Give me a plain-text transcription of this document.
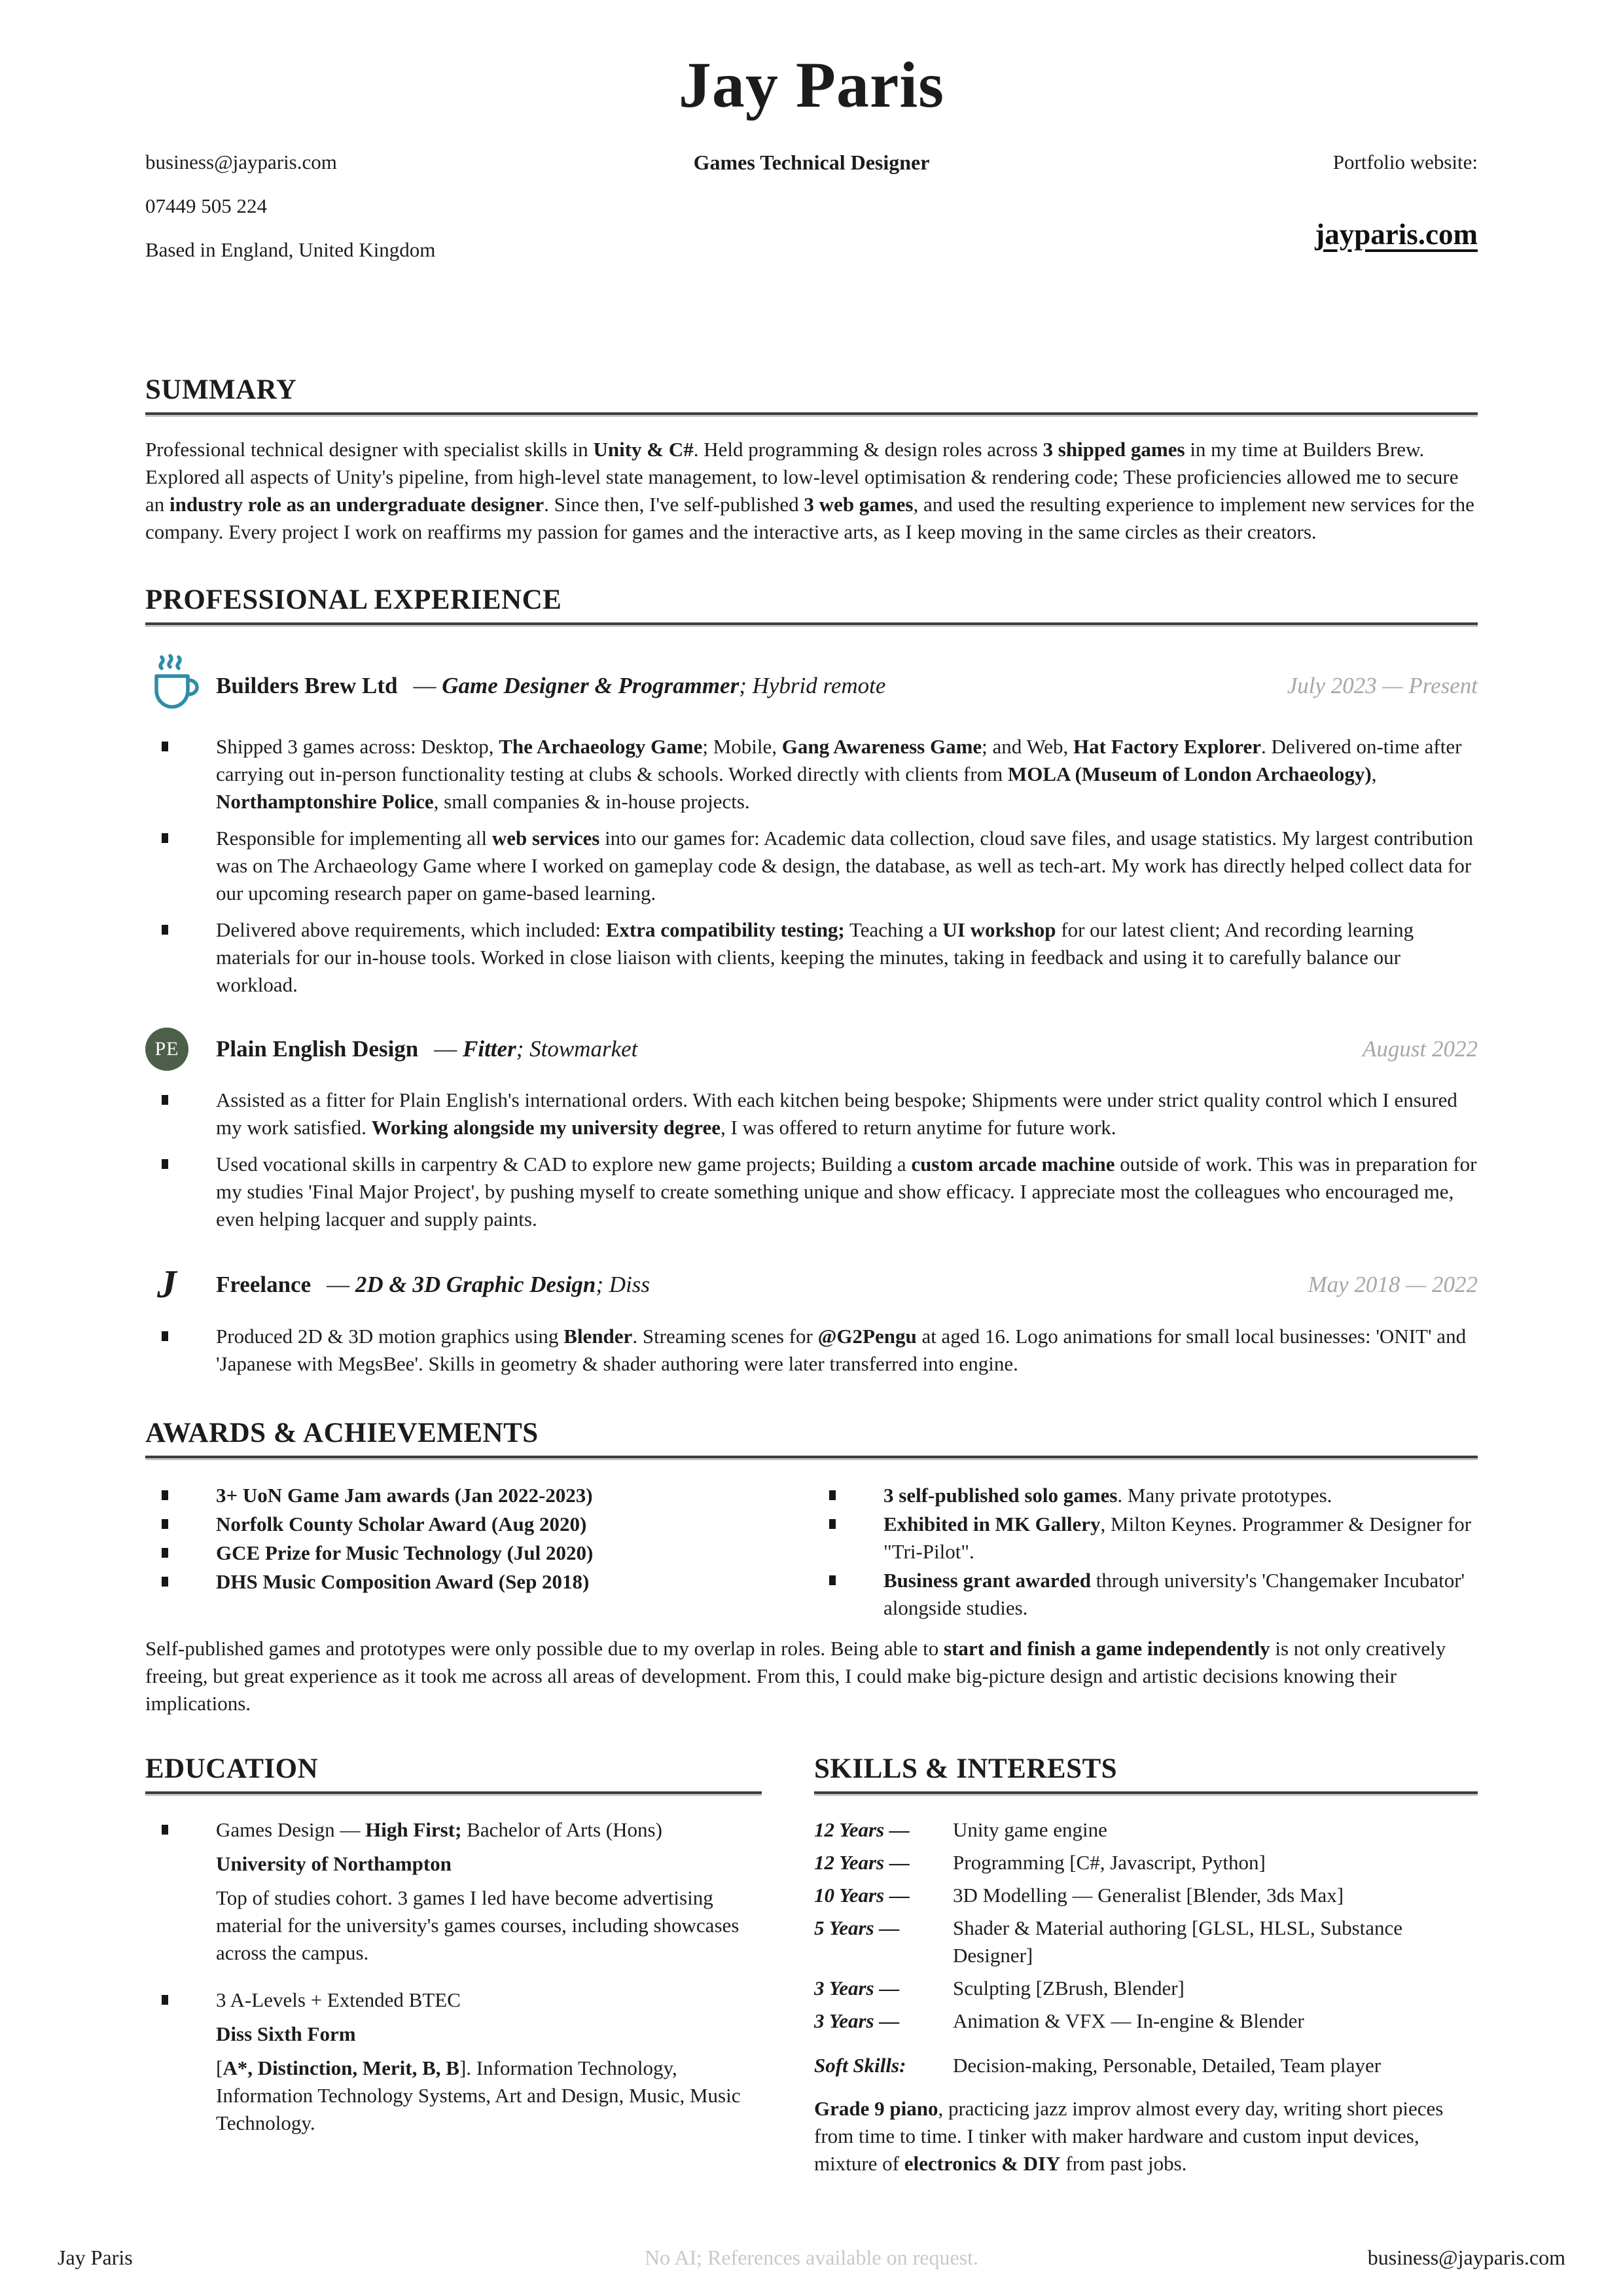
Jay Paris
business@jayparis.com
07449 505 224
Based in England, United Kingdom
Games Technical Designer	Portfolio website:
jayparis.com
SUMMARY

Professional technical designer with specialist skills in Unity & C#. Held programming & design roles across 3 shipped games in my time at Builders Brew. Explored all aspects of Unity's pipeline, from high-level state management, to low-level optimisation & rendering code; These proficiencies allowed me to secure an industry role as an undergraduate designer. Since then, I've self-published 3 web games, and used the resulting experience to implement new services for the company. Every project I work on reaffirms my passion for games and the interactive arts, as I keep moving in the same circles as their creators.

PROFESSIONAL EXPERIENCE
Builders Brew Ltd — Game Designer & Programmer; Hybrid remote	July 2023 — Present
Shipped 3 games across: Desktop, The Archaeology Game; Mobile, Gang Awareness Game; and Web, Hat Factory Explorer. Delivered on-time after carrying out in-person functionality testing at clubs & schools. Worked directly with clients from MOLA (Museum of London Archaeology), Northamptonshire Police, small companies & in-house projects.
Responsible for implementing all web services into our games for: Academic data collection, cloud save files, and usage statistics. My largest contribution was on The Archaeology Game where I worked on gameplay code & design, the database, as well as tech-art. My work has directly helped collect data for our upcoming research paper on game-based learning.
Delivered above requirements, which included: Extra compatibility testing; Teaching a UI workshop for our latest client; And recording learning materials for our in-house tools. Worked in close liaison with clients, keeping the minutes, taking in feedback and using it to carefully balance our workload.
PE Plain English Design — Fitter; Stowmarket	August 2022
Assisted as a fitter for Plain English's international orders. With each kitchen being bespoke; Shipments were under strict quality control which I ensured my work satisfied. Working alongside my university degree, I was offered to return anytime for future work.
Used vocational skills in carpentry & CAD to explore new game projects; Building a custom arcade machine outside of work. This was in preparation for my studies 'Final Major Project', by pushing myself to create something unique and show efficacy. I appreciate most the colleagues who encouraged me, even helping lacquer and supply paints.
J	Freelance — 2D & 3D Graphic Design; Diss	May 2018 — 2022
Produced 2D & 3D motion graphics using Blender. Streaming scenes for @G2Pengu at aged 16. Logo animations for small local businesses: 'ONIT' and 'Japanese with MegsBee'. Skills in geometry & shader authoring were later transferred into engine.
AWARDS & ACHIEVEMENTS
3+ UoN Game Jam awards (Jan 2022-2023)
Norfolk County Scholar Award (Aug 2020)
GCE Prize for Music Technology (Jul 2020)
DHS Music Composition Award (Sep 2018)
3 self-published solo games. Many private prototypes.
Exhibited in MK Gallery, Milton Keynes. Programmer & Designer for "Tri-Pilot".
Business grant awarded through university's 'Changemaker Incubator' alongside studies.

Self-published games and prototypes were only possible due to my overlap in roles. Being able to start and finish a game independently is not only creatively freeing, but great experience as it took me across all areas of development. From this, I could make big-picture design and artistic decisions knowing their implications.

EDUCATION
Games Design — High First; Bachelor of Arts (Hons)
University of Northampton
Top of studies cohort. 3 games I led have become advertising material for the university's games courses, including showcases across the campus.
3 A-Levels + Extended BTEC
Diss Sixth Form
[A*, Distinction, Merit, B, B]. Information Technology, Information Technology Systems, Art and Design, Music, Music Technology.
SKILLS & INTERESTS
12 Years —	Unity game engine
12 Years —	Programming [C#, Javascript, Python]
10 Years —	3D Modelling — Generalist [Blender, 3ds Max]
5 Years —	Shader & Material authoring [GLSL, HLSL, Substance Designer]
3 Years —	Sculpting [ZBrush, Blender]
3 Years —	Animation & VFX — In-engine & Blender
Soft Skills:	Decision-making, Personable, Detailed, Team player

Grade 9 piano, practicing jazz improv almost every day, writing short pieces from time to time. I tinker with maker hardware and custom input devices, mixture of electronics & DIY from past jobs.

Jay Paris	No AI; References available on request.	business@jayparis.com
